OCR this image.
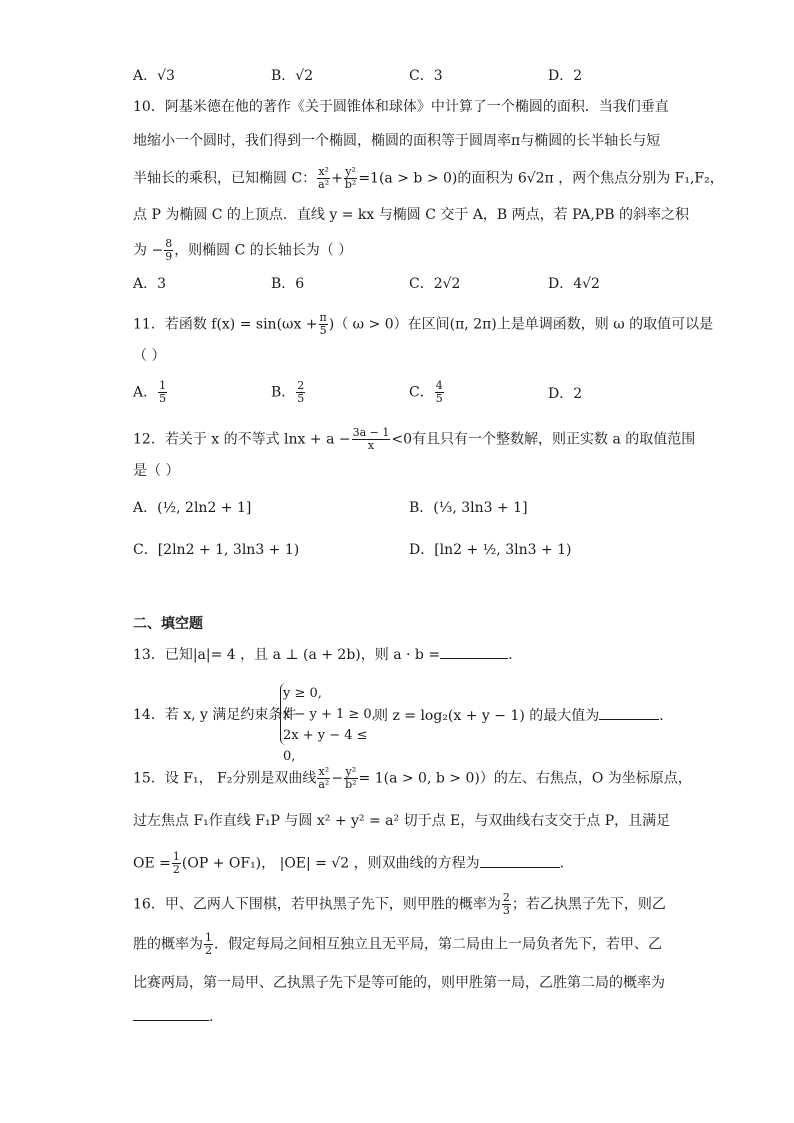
A．√3	B．√2	C．3	D．2
10．阿基米德在他的著作《关于圆锥体和球体》中计算了一个椭圆的面积．当我们垂直
地缩小一个圆时，我们得到一个椭圆，椭圆的面积等于圆周率π与椭圆的长半轴长与短
半轴长的乘积，已知椭圆 C： $\frac{\text{x²}}{\text{a²}} + \frac{\text{y²}}{\text{b²}} =1(a > b > 0)$的面积为 6√2π ，两个焦点分别为 F₁,F₂，
点 P 为椭圆 C 的上顶点．直线 y = kx 与椭圆 C 交于 A，B 两点，若 PA,PB 的斜率之积
为 − $\frac{8}{9}$ ，则椭圆 C 的长轴长为（ ）
A．3	B．6	C．2√2	D．4√2
11．若函数 $f(x) = \sin(\omega x + \frac{\pi}{5}$ )（ ω > 0）在区间(π, 2π)上是单调函数，则 ω 的取值可以是
（ ）
A． $\frac{1}{5}$	B． $\frac{2}{5}$	C． $\frac{4}{5}$	D．2
12．若关于 x 的不等式 $\ln x + a - \frac{3a - 1}{x} <0$有且只有一个整数解，则正实数 a 的取值范围
是（ ）
A．(½, 2ln2 + 1]	B．(⅓, 3ln3 + 1]
C．[2ln2 + 1, 3ln3 + 1)	D．[ln2 + ½, 3ln3 + 1)
二、填空题
13．已知|a|= 4 ，且 a ⊥ (a + 2b)，则 a · b =	.
14．若 x, y 满足约束条件
y ≥ 0,
x − y + 1 ≥ 0,
2x + y − 4 ≤ 0,
则 z = log₂(x + y − 1) 的最大值为	.
15．设 F₁， F₂分别是双曲线 $\frac{\text{x²}}{\text{a²}} - \frac{\text{y²}}{\text{b²}} = 1(a > 0$, b > 0)）的左、右焦点，O 为坐标原点，
过左焦点 F₁作直线 F₁P 与圆 x² + y² = a² 切于点 E，与双曲线右支交于点 P，且满足
OE = $\frac{1}{2} (OP + OF_1)$， |OE| = √2 ，则双曲线的方程为	.
16．甲、乙两人下围棋，若甲执黑子先下，则甲胜的概率为 $\frac{2}{3}$ ；若乙执黑子先下，则乙
胜的概率为 $\frac{1}{2}$ ．假定每局之间相互独立且无平局，第二局由上一局负者先下，若甲、乙
比赛两局，第一局甲、乙执黑子先下是等可能的，则甲胜第一局，乙胜第二局的概率为
.
